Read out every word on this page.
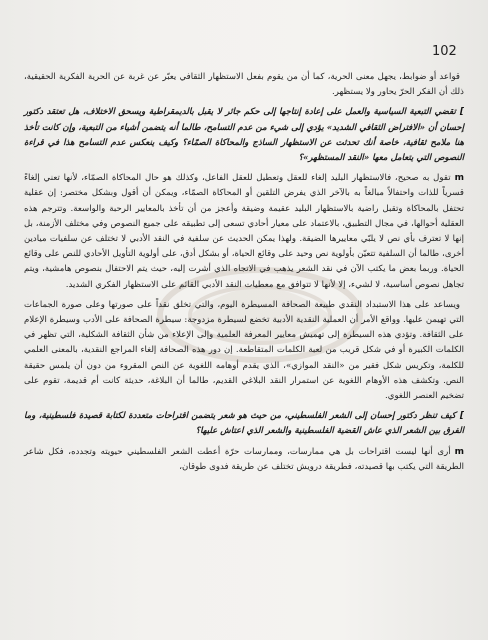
102

قواعد أو ضوابط، يجهل معنى الحرية، كما أن من يقوم بفعل الاستظهار الثقافي يعبّر عن غربة عن الحرية الفكرية الحقيقية، ذلك أن الفكر الحرّ يحاور ولا يستظهر.

]تقضي التبعية السياسية والعمل على إعادة إنتاجها إلى حكم جائر لا يقبل بالديمقراطية ويسحق الاختلاف، هل تعتقد دكتور إحسان أن «الافتراض الثقافي الشديد» يؤدي إلى شيء من عدم التسامح، طالما أنه يتضمن أشياء من التبعية، وإن كانت تأخذ هنا ملامح ثقافية، خاصة أنك تحدثت عن الاستظهار الساذج والمحاكاة الصمّاء؟ وكيف ينعكس عدم التسامح هذا في قراءة النصوص التي يتعامل معها «النقد المستظهر»؟

mتقول به صحيح، فالاستظهار البليد إلغاء للعقل وتعطيل للعقل الفاعل، وكذلك هو حال المحاكاة الصمّاء، لأنها تعني إلغاءً قسرياً للذات واحتفالاً مبالغاً به بالآخر الذي يفرض التلقين أو المحاكاة الصمّاء، ويمكن أن أقول وبشكل مختصر: إن عقلية تحتفل بالمحاكاة وتقبل راضية بالاستظهار البليد عقيمة وضيقة وأعجز من أن تأخذ بالمعايير الرحبة والواسعة. وتترجم هذه العقلية أحوالها، في مجال التطبيق، بالاعتماد على معيار أحادي تسعى إلى تطبيقه على جميع النصوص وفي مختلف الأزمنة، بل إنها لا تعترف بأي نص لا يلبّي معاييرها الضيقة. ولهذا يمكن الحديث عن سلفية في النقد الأدبي لا تختلف عن سلفيات ميادين أخرى، طالما أن السلفية تتعيّن بأولوية نص وحيد على وقائع الحياة، أو بشكل أدق، على أولوية التأويل الأحادي للنص على وقائع الحياة. وربما بعض ما يكتب الآن في نقد الشعر يذهب في الاتجاه الذي أشرت إليه، حيث يتم الاحتفال بنصوص هامشية، ويتم تجاهل نصوص أساسية، لا لشيء، إلا لأنها لا تتوافق مع معطيات النقد الأدبي القائم على الاستظهار الفكري الشديد.

ويساعد على هذا الاستبداد النقدي طبيعة الصحافة المسيطرة اليوم، والتي تخلق نقداً على صورتها وعلى صورة الجماعات التي تهيمن عليها. وواقع الأمر أن العملية النقدية الأدبية تخضع لسيطرة مزدوجة: سيطرة الصحافة على الأدب وسيطرة الإعلام على الثقافة. وتؤدي هذه السيطرة إلى تهميش معايير المعرفة العلمية وإلى الإعلاء من شأن الثقافة الشكلية، التي تظهر في الكلمات الكبيرة أو في شكل قريب من لعبة الكلمات المتقاطعة. إن دور هذه الصحافة إلغاء المراجع النقدية، بالمعنى العلمي للكلمة، وتكريس شكل فقير من «النقد الموازي»، الذي يقدم أوهامه اللغوية عن النص المقروء من دون أن يلمس حقيقة النص. وتكشف هذه الأوهام اللغوية عن استمرار النقد البلاغي القديم، طالما أن البلاغة، حديثة كانت أم قديمة، تقوم على تضخيم العنصر اللغوي.

]كيف تنظر دكتور إحسان إلى الشعر الفلسطيني، من حيث هو شعر يتضمن اقتراحات متعددة لكتابة قصيدة فلسطينية، وما الفرق بين الشعر الذي عاش القضية الفلسطينية والشعر الذي اعتاش عليها؟

mأرى أنها ليست اقتراحات بل هي ممارسات، وممارسات حرّة أعطت الشعر الفلسطيني حيويته وتجدده، فكل شاعر الطريقة التي يكتب بها قصيدته، فطريقة درويش تختلف عن طريقة فدوى طوقان،
